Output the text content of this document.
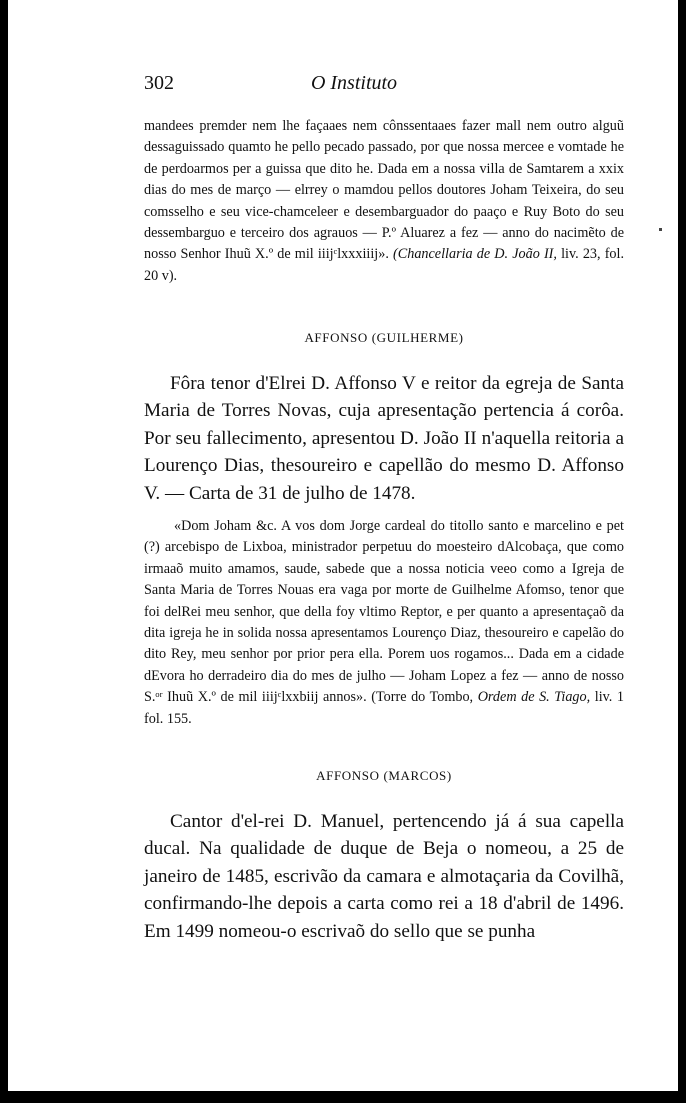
302	O Instituto

mandees premder nem lhe façaaes nem cônssentaaes fazer mall nem outro alguũ dessaguissado quamto he pello pecado passado, por que nossa mercee e vomtade he de perdoarmos per a guissa que dito he. Dada em a nossa villa de Samtarem a xxix dias do mes de março — elrrey o mamdou pellos doutores Joham Teixeira, do seu comsselho e seu vice-chamceleer e desembarguador do paaço e Ruy Boto do seu dessembarguo e terceiro dos agrauos — P.º Aluarez a fez — anno do nacimẽto de nosso Senhor Ihuũ X.º de mil iiijᶜlxxxiiij». (Chancellaria de D. João II, liv. 23, fol. 20 v).

AFFONSO (GUILHERME)

Fôra tenor d'Elrei D. Affonso V e reitor da egreja de Santa Maria de Torres Novas, cuja apresentação pertencia á corôa. Por seu fallecimento, apresentou D. João II n'aquella reitoria a Lourenço Dias, thesoureiro e capellão do mesmo D. Affonso V. — Carta de 31 de julho de 1478.

«Dom Joham &c. A vos dom Jorge cardeal do titollo santo e marcelino e pet (?) arcebispo de Lixboa, ministrador perpetuu do moesteiro dAlcobaça, que como irmaaõ muito amamos, saude, sabede que a nossa noticia veeo como a Igreja de Santa Maria de Torres Nouas era vaga por morte de Guilhelme Afomso, tenor que foi delRei meu senhor, que della foy vltimo Reptor, e per quanto a apresentaçaõ da dita igreja he in solida nossa apresentamos Lourenço Diaz, thesoureiro e capelão do dito Rey, meu senhor por prior pera ella. Porem uos rogamos... Dada em a cidade dEvora ho derradeiro dia do mes de julho — Joham Lopez a fez — anno de nosso S.ᵒʳ Ihuũ X.º de mil iiijᶜlxxbiij annos». (Torre do Tombo, Ordem de S. Tiago, liv. 1 fol. 155.

AFFONSO (MARCOS)

Cantor d'el-rei D. Manuel, pertencendo já á sua capella ducal. Na qualidade de duque de Beja o nomeou, a 25 de janeiro de 1485, escrivão da camara e almotaçaria da Covilhã, confirmando-lhe depois a carta como rei a 18 d'abril de 1496. Em 1499 nomeou-o escrivaõ do sello que se punha
